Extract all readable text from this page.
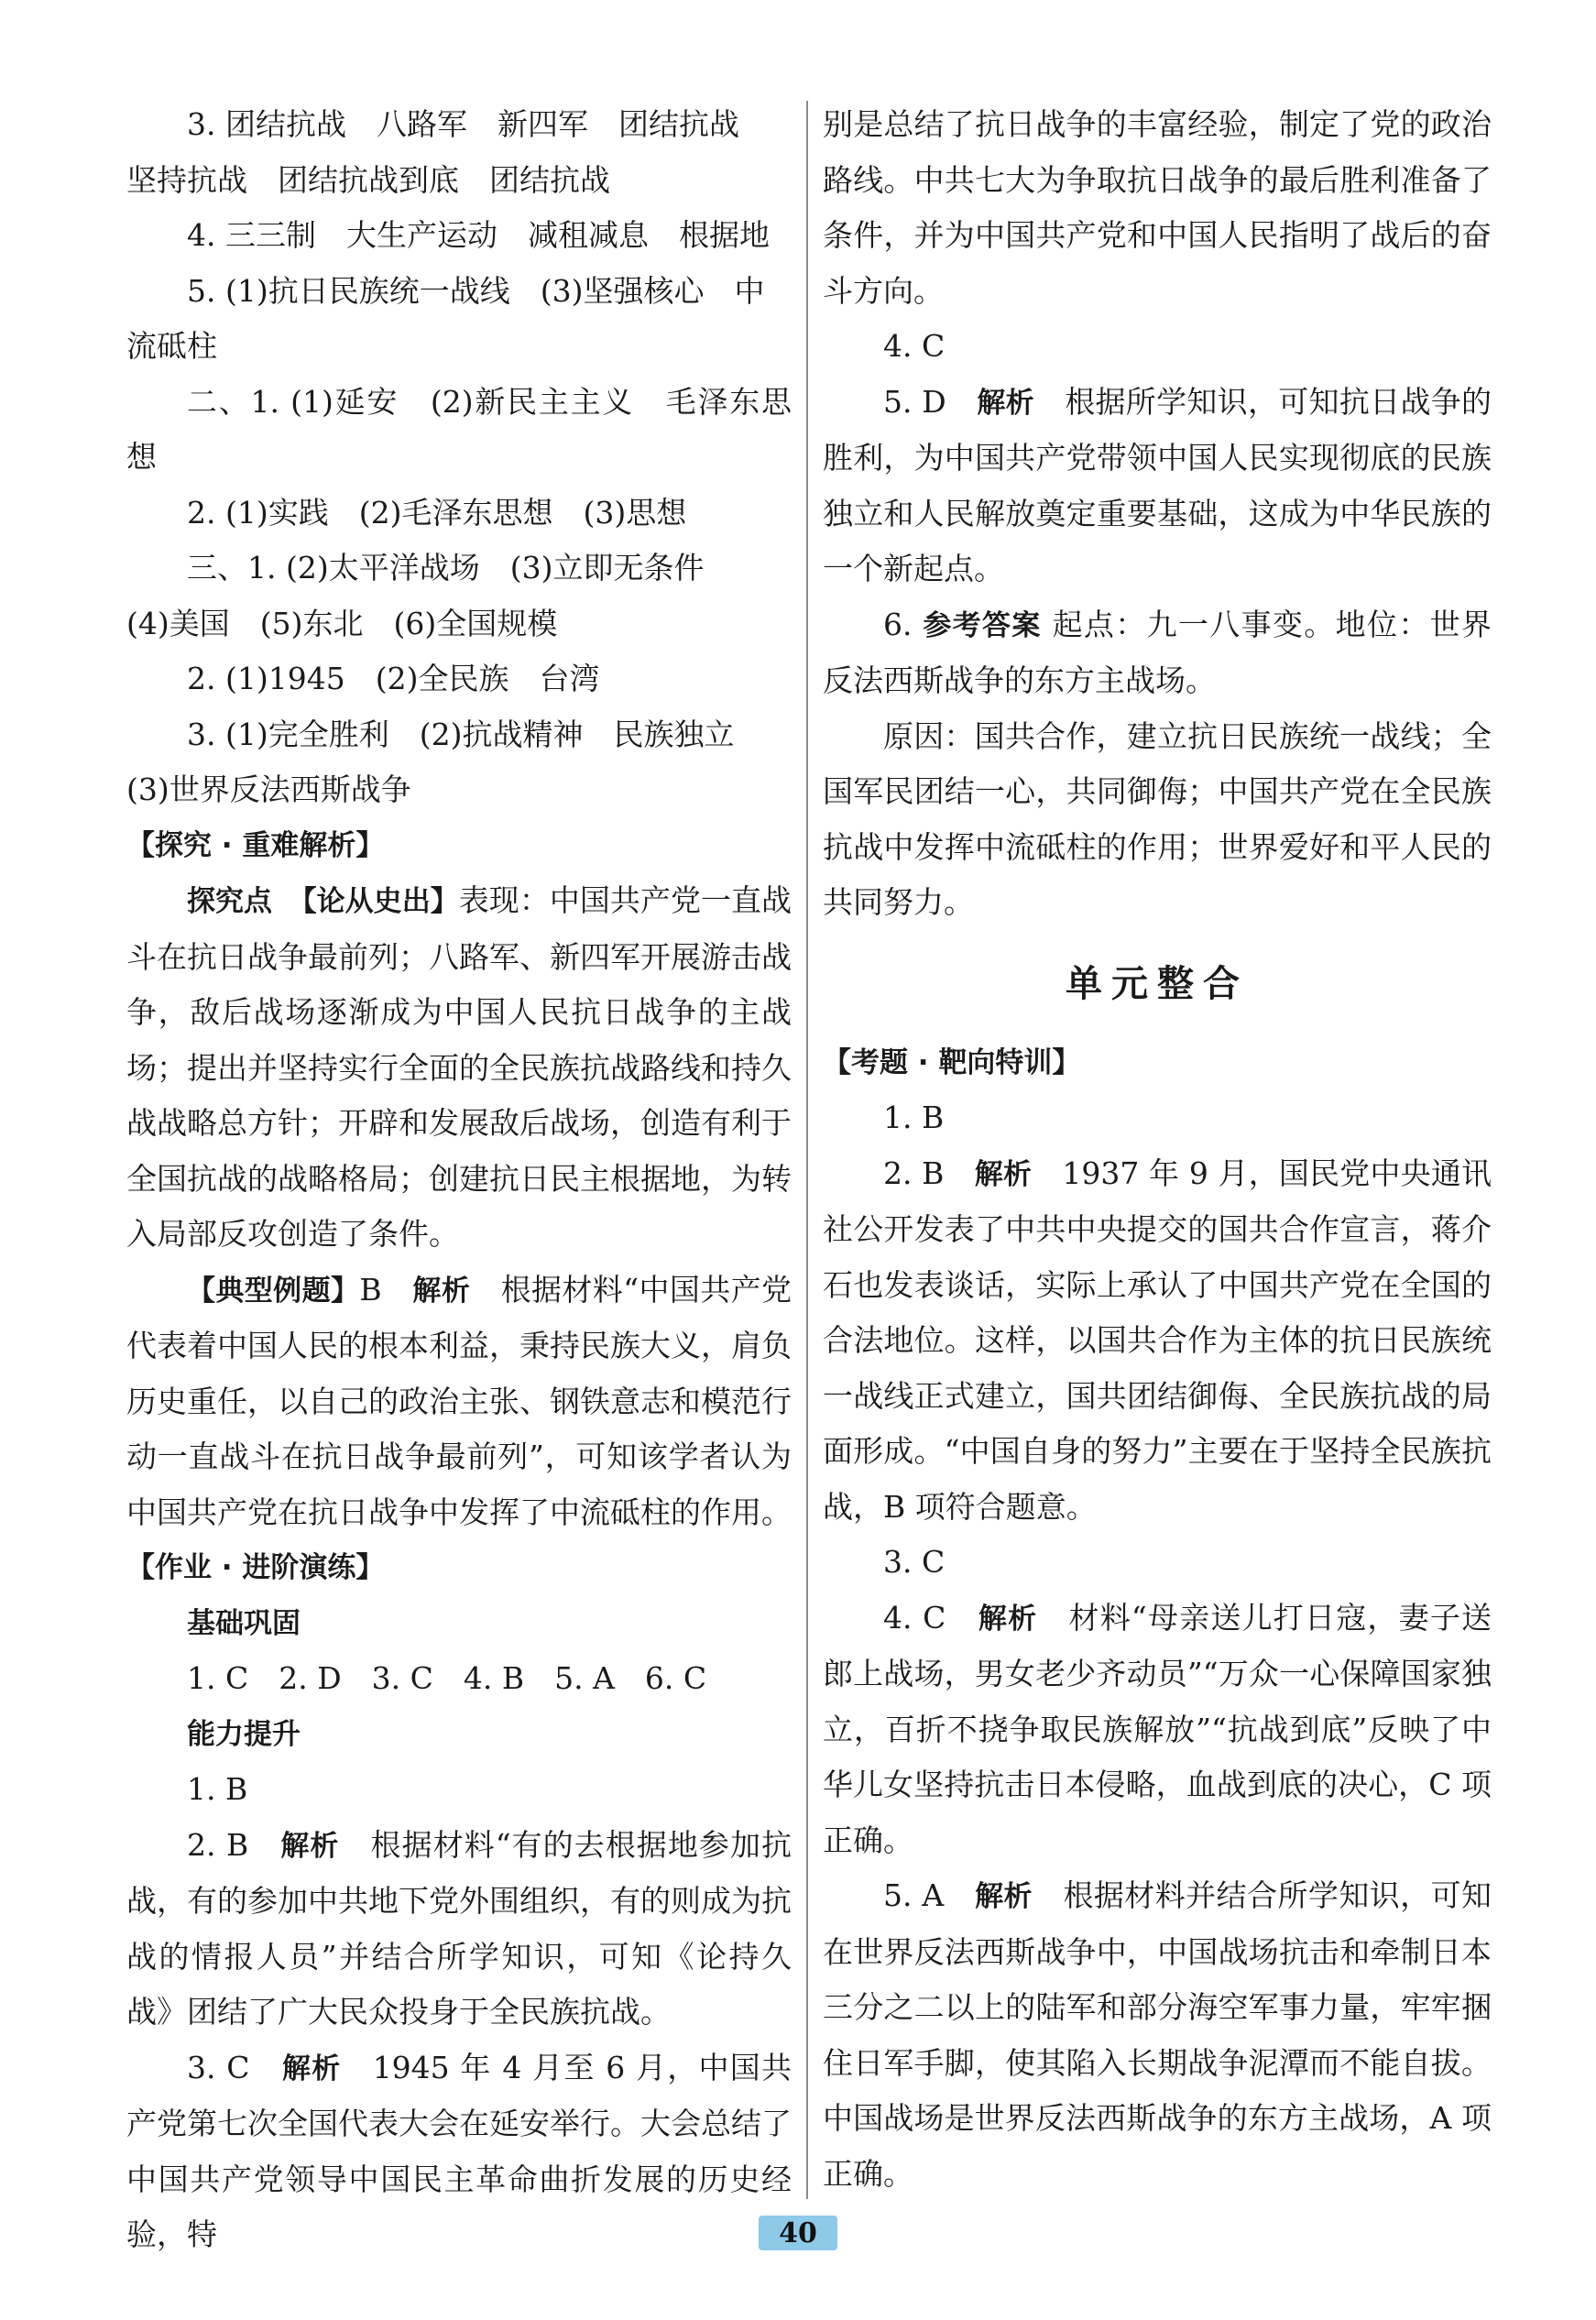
3. 团结抗战　八路军　新四军　团结抗战

坚持抗战　团结抗战到底　团结抗战

4. 三三制　大生产运动　减租减息　根据地

5. (1)抗日民族统一战线　(3)坚强核心　中

流砥柱

二、1. (1)延安　(2)新民主主义　毛泽东思想

2. (1)实践　(2)毛泽东思想　(3)思想

三、1. (2)太平洋战场　(3)立即无条件

(4)美国　(5)东北　(6)全国规模

2. (1)1945　(2)全民族　台湾

3. (1)完全胜利　(2)抗战精神　民族独立

(3)世界反法西斯战争

【探究 · 重难解析】

探究点　 【论从史出】表现：中国共产党一直战斗在抗日战争最前列；八路军、新四军开展游击战争，敌后战场逐渐成为中国人民抗日战争的主战场；提出并坚持实行全面的全民族抗战路线和持久战战略总方针；开辟和发展敌后战场，创造有利于全国抗战的战略格局；创建抗日民主根据地，为转入局部反攻创造了条件。

【典型例题】B　 解析　 根据材料“中国共产党代表着中国人民的根本利益，秉持民族大义，肩负历史重任，以自己的政治主张、钢铁意志和模范行动一直战斗在抗日战争最前列”，可知该学者认为中国共产党在抗日战争中发挥了中流砥柱的作用。

【作业 · 进阶演练】

基础巩固

1. C　2. D　3. C　4. B　5. A　6. C

能力提升

1. B

2. B　 解析　 根据材料“有的去根据地参加抗战，有的参加中共地下党外围组织，有的则成为抗战的情报人员”并结合所学知识，可知《论持久战》团结了广大民众投身于全民族抗战。

3. C　 解析　 1945 年 4 月至 6 月，中国共产党第七次全国代表大会在延安举行。大会总结了中国共产党领导中国民主革命曲折发展的历史经验，特

别是总结了抗日战争的丰富经验，制定了党的政治路线。中共七大为争取抗日战争的最后胜利准备了条件，并为中国共产党和中国人民指明了战后的奋斗方向。

4. C

5. D　 解析　 根据所学知识，可知抗日战争的胜利，为中国共产党带领中国人民实现彻底的民族独立和人民解放奠定重要基础，这成为中华民族的一个新起点。

6. 参考答案 起点：九一八事变。地位：世界反法西斯战争的东方主战场。

原因：国共合作，建立抗日民族统一战线；全国军民团结一心，共同御侮；中国共产党在全民族抗战中发挥中流砥柱的作用；世界爱好和平人民的共同努力。

单元整合

【考题 · 靶向特训】

1. B

2. B　 解析　 1937 年 9 月，国民党中央通讯社公开发表了中共中央提交的国共合作宣言，蒋介石也发表谈话，实际上承认了中国共产党在全国的合法地位。这样，以国共合作为主体的抗日民族统一战线正式建立，国共团结御侮、全民族抗战的局面形成。“中国自身的努力”主要在于坚持全民族抗战，B 项符合题意。

3. C

4. C　 解析　 材料“母亲送儿打日寇，妻子送郎上战场，男女老少齐动员”“万众一心保障国家独立，百折不挠争取民族解放”“抗战到底”反映了中华儿女坚持抗击日本侵略，血战到底的决心，C 项正确。

5. A　 解析　 根据材料并结合所学知识，可知在世界反法西斯战争中，中国战场抗击和牵制日本三分之二以上的陆军和部分海空军事力量，牢牢捆住日军手脚，使其陷入长期战争泥潭而不能自拔。中国战场是世界反法西斯战争的东方主战场，A 项正确。

40
